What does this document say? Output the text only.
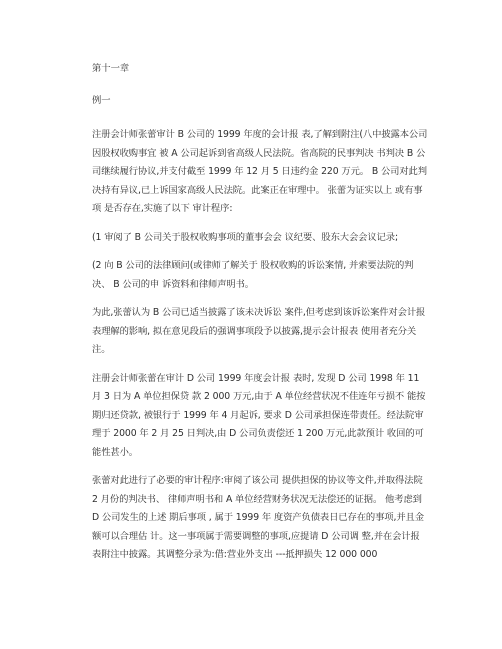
第十一章
例一

注册会计师张蕾审计 B 公司的 1999 年度的会计报 表,了解到附注(八中披露本公司因股权收购事宜 被 A 公司起诉到省高级人民法院。省高院的民事判决 书判决 B 公司继续履行协议,并支付截至 1999 年 12 月 5 日违约金 220 万元。 B 公司对此判决持有异议,已上诉国家高级人民法院。此案正在审理中。 张蕾为证实以上 或有事项 是否存在,实施了以下 审计程序:

(1 审阅了 B 公司关于股权收购事项的董事会会 议纪要、股东大会会议记录;

(2 向 B 公司的法律顾问(或律师了解关于 股权收购的诉讼案情, 并索要法院的判决、 B 公司的申 诉资料和律师声明书。

为此,张蕾认为 B 公司已适当披露了该未决诉讼 案件,但考虑到该诉讼案件对会计报表理解的影响, 拟在意见段后的强调事项段予以披露,提示会计报表 使用者充分关注。

注册会计师张蕾在审计 D 公司 1999 年度会计报 表时, 发现 D 公司 1998 年 11 月 3 日为 A 单位担保贷 款 2 000 万元,由于 A 单位经营状况不佳连年亏损不 能按期归还贷款, 被银行于 1999 年 4 月起诉, 要求 D 公司承担保连带责任。经法院审理于 2000 年 2 月 25 日判决,由 D 公司负责偿还 1 200 万元,此款预计 收回的可能性甚小。

张蕾对此进行了必要的审计程序:审阅了该公司 提供担保的协议等文件,并取得法院 2 月份的判决书、 律师声明书和 A 单位经营财务状况无法偿还的证据。 他考虑到 D 公司发生的上述 期后事项 , 属于 1999 年 度资产负债表日已存在的事项,并且金额可以合理估 计。这一事项属于需要调整的事项,应提请 D 公司调 整,并在会计报表附注中披露。其调整分录为:借:营业外支出 ---抵押损失 12 000 000
